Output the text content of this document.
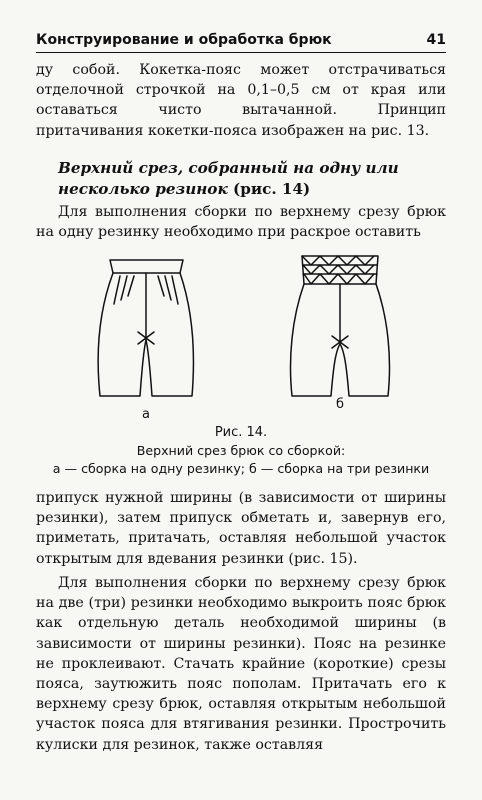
Конструирование и обработка брюк	41

ду собой. Кокетка-пояс может отстрачиваться отделочной строчкой на 0,1–0,5 см от края или оставаться чисто вытачанной. Принцип притачивания кокетки-пояса изображен на рис. 13.

Верхний срез, собранный на одну или несколько резинок (рис. 14)

Для выполнения сборки по верхнему срезу брюк на одну резинку необходимо при раскрое оставить

а
б
Рис. 14.
Верхний срез брюк со сборкой:
а — сборка на одну резинку; б — сборка на три резинки

припуск нужной ширины (в зависимости от ширины резинки), затем припуск обметать и, завернув его, приметать, притачать, оставляя небольшой участок открытым для вдевания резинки (рис. 15).

Для выполнения сборки по верхнему срезу брюк на две (три) резинки необходимо выкроить пояс брюк как отдельную деталь необходимой ширины (в зависимости от ширины резинки). Пояс на резинке не проклеивают. Стачать крайние (короткие) срезы пояса, заутюжить пояс пополам. Притачать его к верхнему срезу брюк, оставляя открытым небольшой участок пояса для втягивания резинки. Прострочить кулиски для резинок, также оставляя
